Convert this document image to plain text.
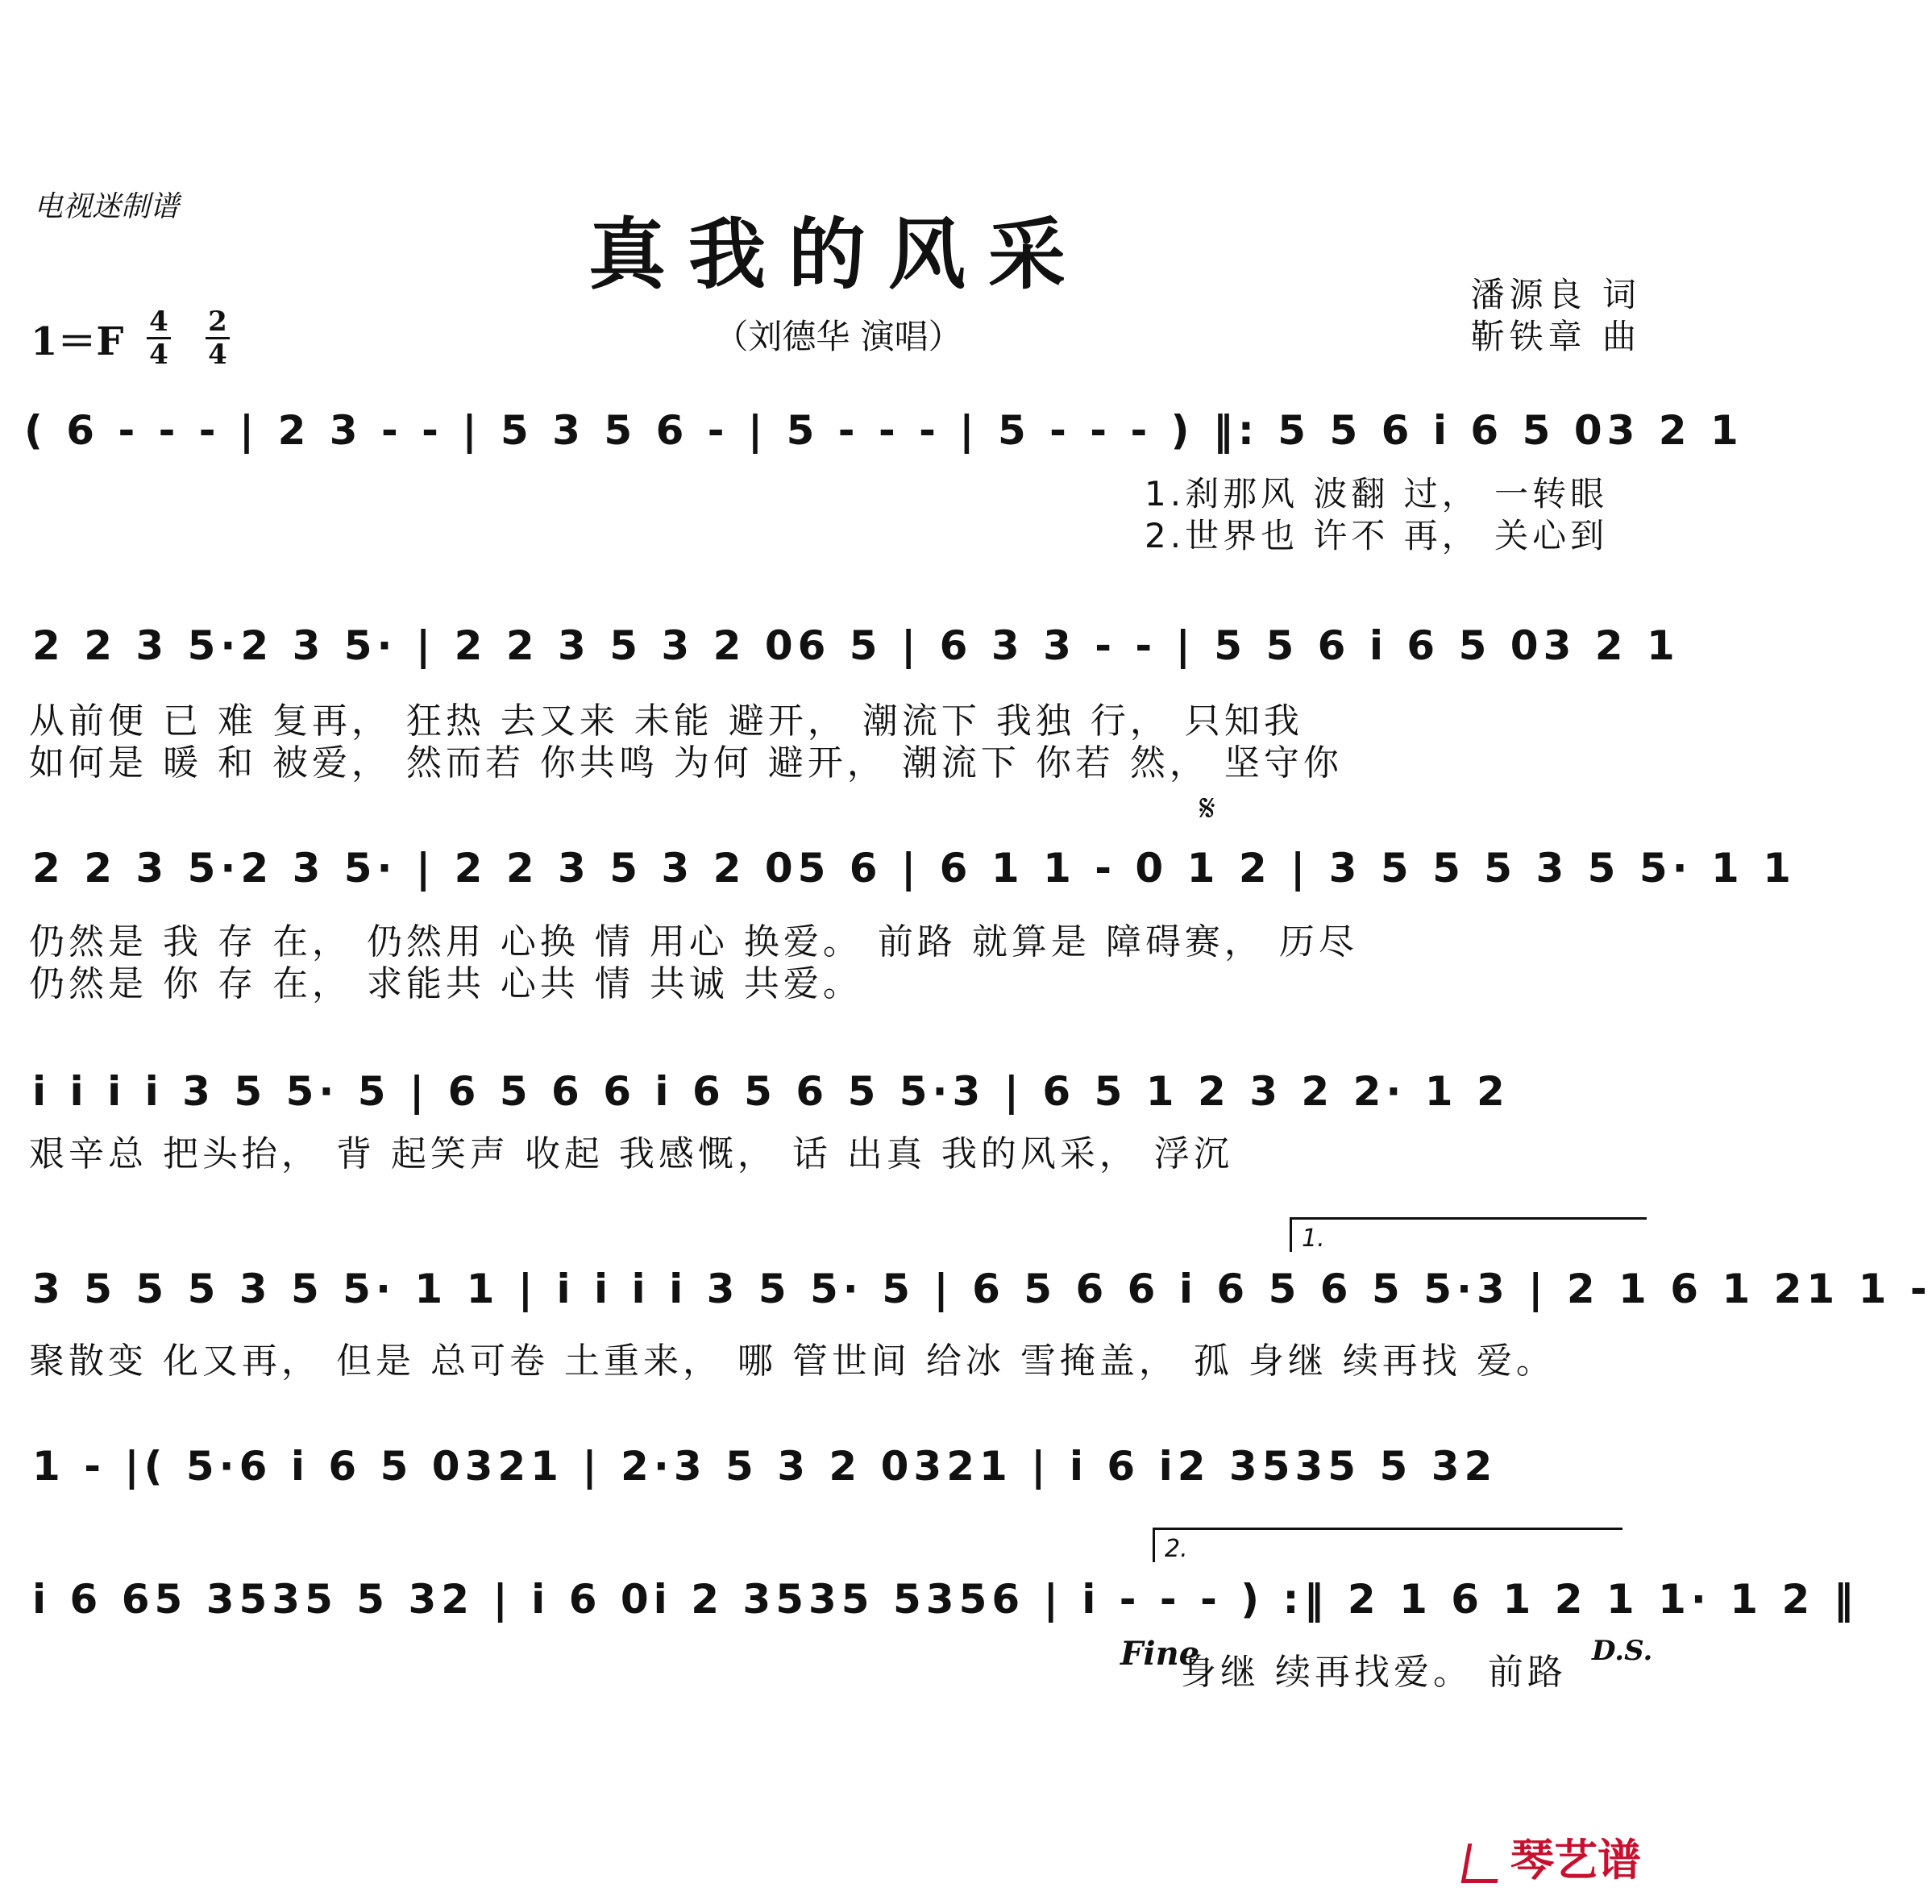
电视迷制谱
真我的风采
（刘德华 演唱）
潘源良 词
靳铁章 曲
1＝F 4
4
2
4
( 6 - - - | 2 3 - - | 5 3 5 6 - | 5 - - - | 5 - - - ) ‖: 5 5 6 i 6 5 03 2 1
1.刹那风 波翻 过， 一转眼
2.世界也 许不 再， 关心到
2 2 3 5·2 3 5· | 2 2 3 5 3 2 06 5 | 6 3 3 - - | 5 5 6 i 6 5 03 2 1
从前便 已 难 复再， 狂热 去又来 未能 避开， 潮流下 我独 行， 只知我
如何是 暖 和 被爱， 然而若 你共鸣 为何 避开， 潮流下 你若 然， 坚守你
𝄋
2 2 3 5·2 3 5· | 2 2 3 5 3 2 05 6 | 6 1 1 - 0 1 2 | 3 5 5 5 3 5 5· 1 1
仍然是 我 存 在， 仍然用 心换 情 用心 换爱。 前路 就算是 障碍赛， 历尽
仍然是 你 存 在， 求能共 心共 情 共诚 共爱。
i i i i 3 5 5· 5 | 6 5 6 6 i 6 5 6 5 5·3 | 6 5 1 2 3 2 2· 1 2
艰辛总 把头抬， 背 起笑声 收起 我感慨， 话 出真 我的风采， 浮沉
1.
3 5 5 5 3 5 5· 1 1 | i i i i 3 5 5· 5 | 6 5 6 6 i 6 5 6 5 5·3 | 2 1 6 1 21 1 -
聚散变 化又再， 但是 总可卷 土重来， 哪 管世间 给冰 雪掩盖， 孤 身继 续再找 爱。
1 - |( 5·6 i 6 5 0321 | 2·3 5 3 2 0321 | i 6 i2 3535 5 32
2.
i 6 65 3535 5 32 | i 6 0i 2 3535 5356 | i - - - ) :‖ 2 1 6 1 2 1 1· 1 2 ‖
Fine
身继 续再找爱。 前路
D.S.
琴艺谱
